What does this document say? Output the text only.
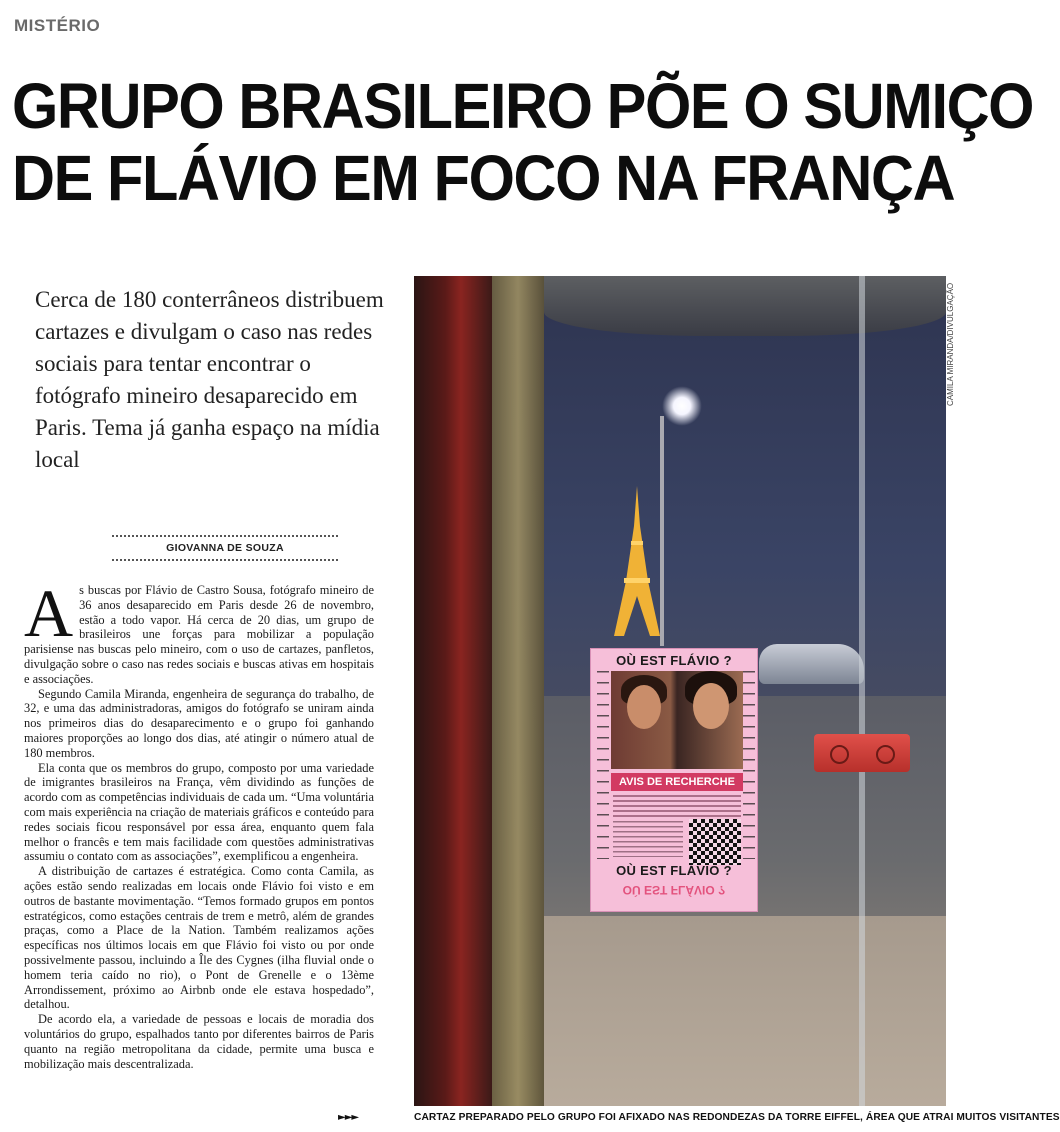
MISTÉRIO
GRUPO BRASILEIRO PÕE O SUMIÇO
DE FLÁVIO EM FOCO NA FRANÇA
Cerca de 180 conterrâneos distribuem cartazes e divulgam o caso nas redes sociais para tentar encontrar o fotógrafo mineiro desaparecido em Paris. Tema já ganha espaço na mídia local
GIOVANNA DE SOUZA

As buscas por Flávio de Castro Sousa, fotógrafo mineiro de 36 anos desaparecido em Paris desde 26 de novembro, estão a todo vapor. Há cerca de 20 dias, um grupo de brasileiros une forças para mobilizar a população parisiense nas buscas pelo mineiro, com o uso de cartazes, panfletos, divulgação sobre o caso nas redes sociais e buscas ativas em hospitais e associações.

Segundo Camila Miranda, engenheira de segurança do trabalho, de 32, e uma das administradoras, amigos do fotógrafo se uniram ainda nos primeiros dias do desaparecimento e o grupo foi ganhando maiores proporções ao longo dos dias, até atingir o número atual de 180 membros.

Ela conta que os membros do grupo, composto por uma variedade de imigrantes brasileiros na França, vêm dividindo as funções de acordo com as competências individuais de cada um. “Uma voluntária com mais experiência na criação de materiais gráficos e conteúdo para redes sociais ficou responsável por essa área, enquanto quem fala melhor o francês e tem mais facilidade com questões administrativas assumiu o contato com as associações”, exemplificou a engenheira.

A distribuição de cartazes é estratégica. Como conta Camila, as ações estão sendo realizadas em locais onde Flávio foi visto e em outros de bastante movimentação. “Temos formado grupos em pontos estratégicos, como estações centrais de trem e metrô, além de grandes praças, como a Place de la Nation. Também realizamos ações específicas nos últimos locais em que Flávio foi visto ou por onde possivelmente passou, incluindo a Île des Cygnes (ilha fluvial onde o homem teria caído no rio), o Pont de Grenelle e o 13ème Arrondissement, próximo ao Airbnb onde ele estava hospedado”, detalhou.

De acordo ela, a variedade de pessoas e locais de moradia dos voluntários do grupo, espalhados tanto por diferentes bairros de Paris quanto na região metropolitana da cidade, permite uma busca e mobilização mais descentralizada.

►►►
OÙ EST FLÁVIO ?
AVIS DE RECHERCHE
OÙ EST FLÁVIO ?
OÙ EST FLÁVIO ?
CAMILA MIRANDA/DIVULGAÇÃO
CARTAZ PREPARADO PELO GRUPO FOI AFIXADO NAS REDONDEZAS DA TORRE EIFFEL, ÁREA QUE ATRAI MUITOS VISITANTES
